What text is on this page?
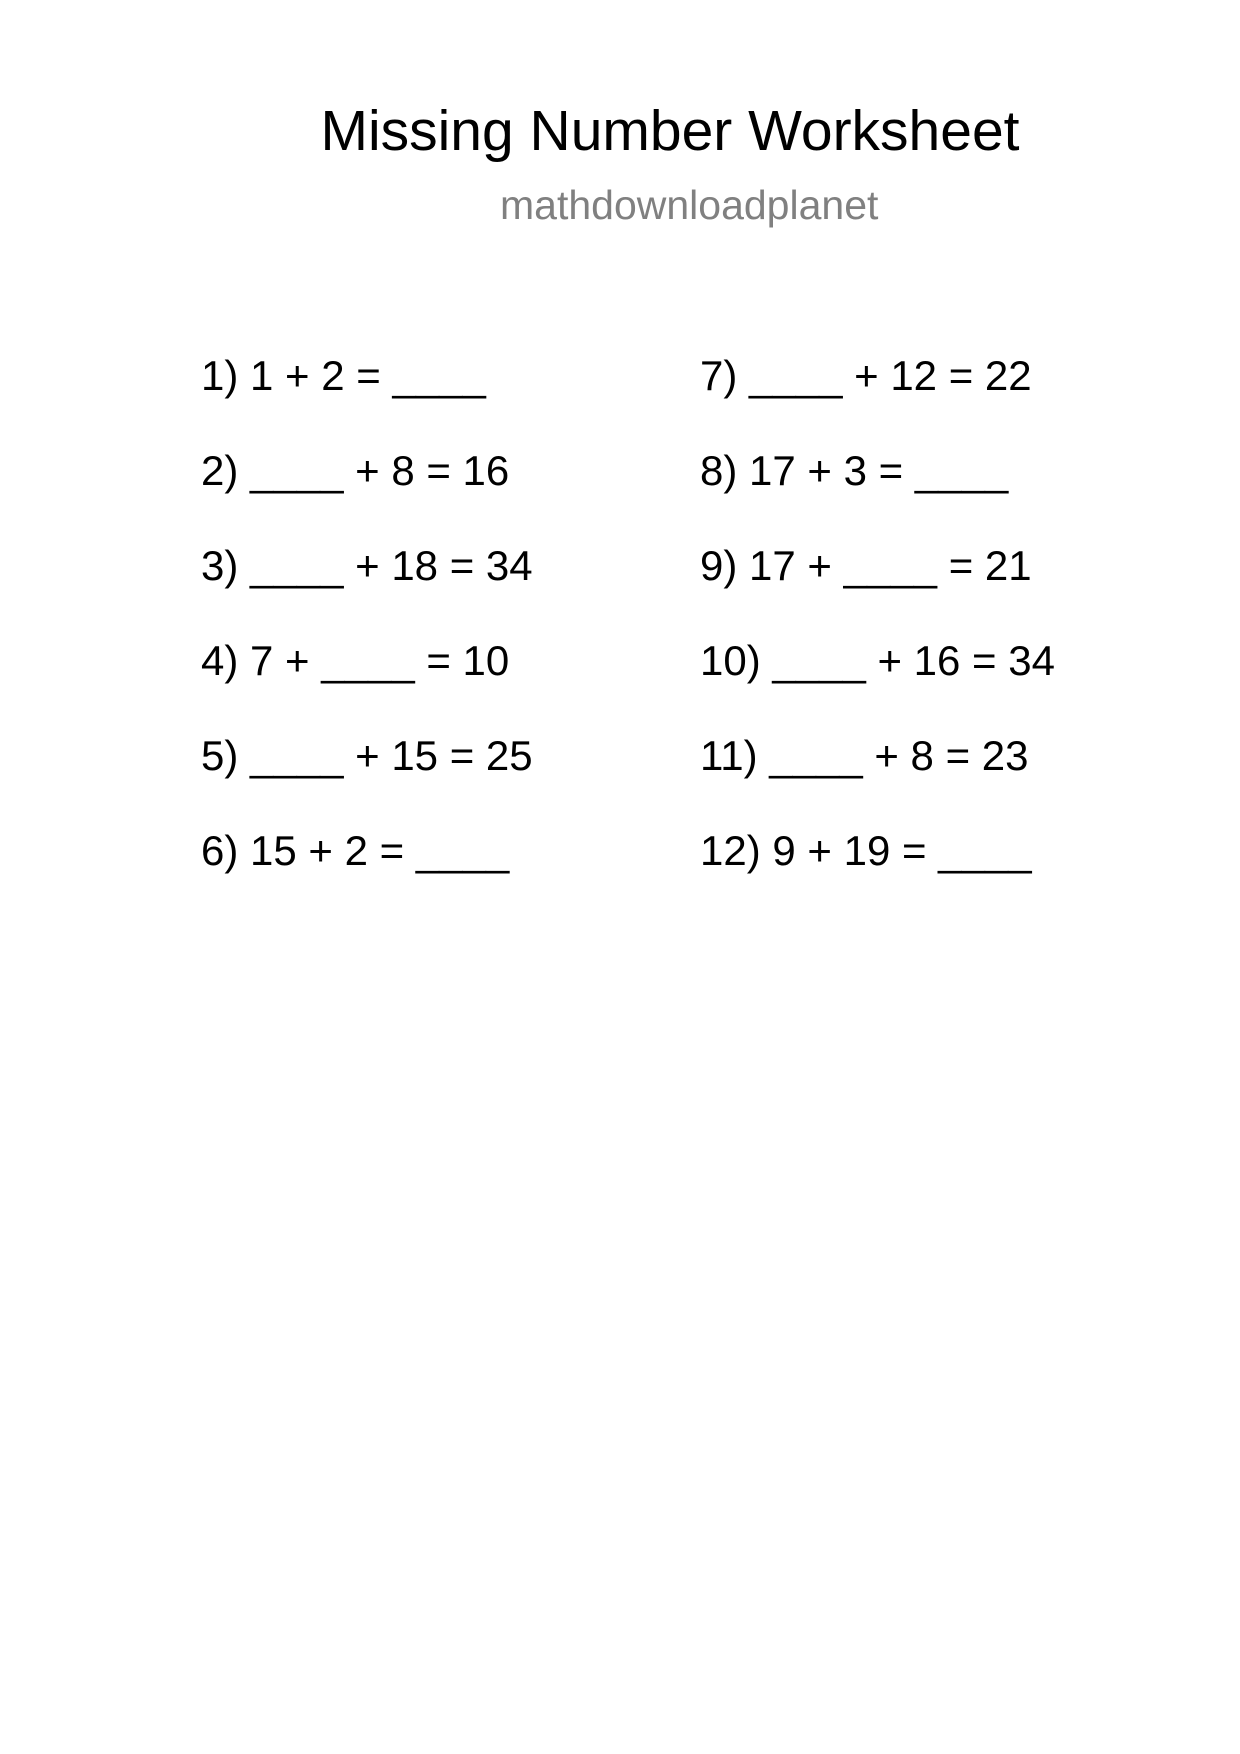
Missing Number Worksheet
mathdownloadplanet
1) 1 + 2 = ____
2) ____ + 8 = 16
3) ____ + 18 = 34
4) 7 + ____ = 10
5) ____ + 15 = 25
6) 15 + 2 = ____
7) ____ + 12 = 22
8) 17 + 3 = ____
9) 17 + ____ = 21
10) ____ + 16 = 34
11) ____ + 8 = 23
12) 9 + 19 = ____
